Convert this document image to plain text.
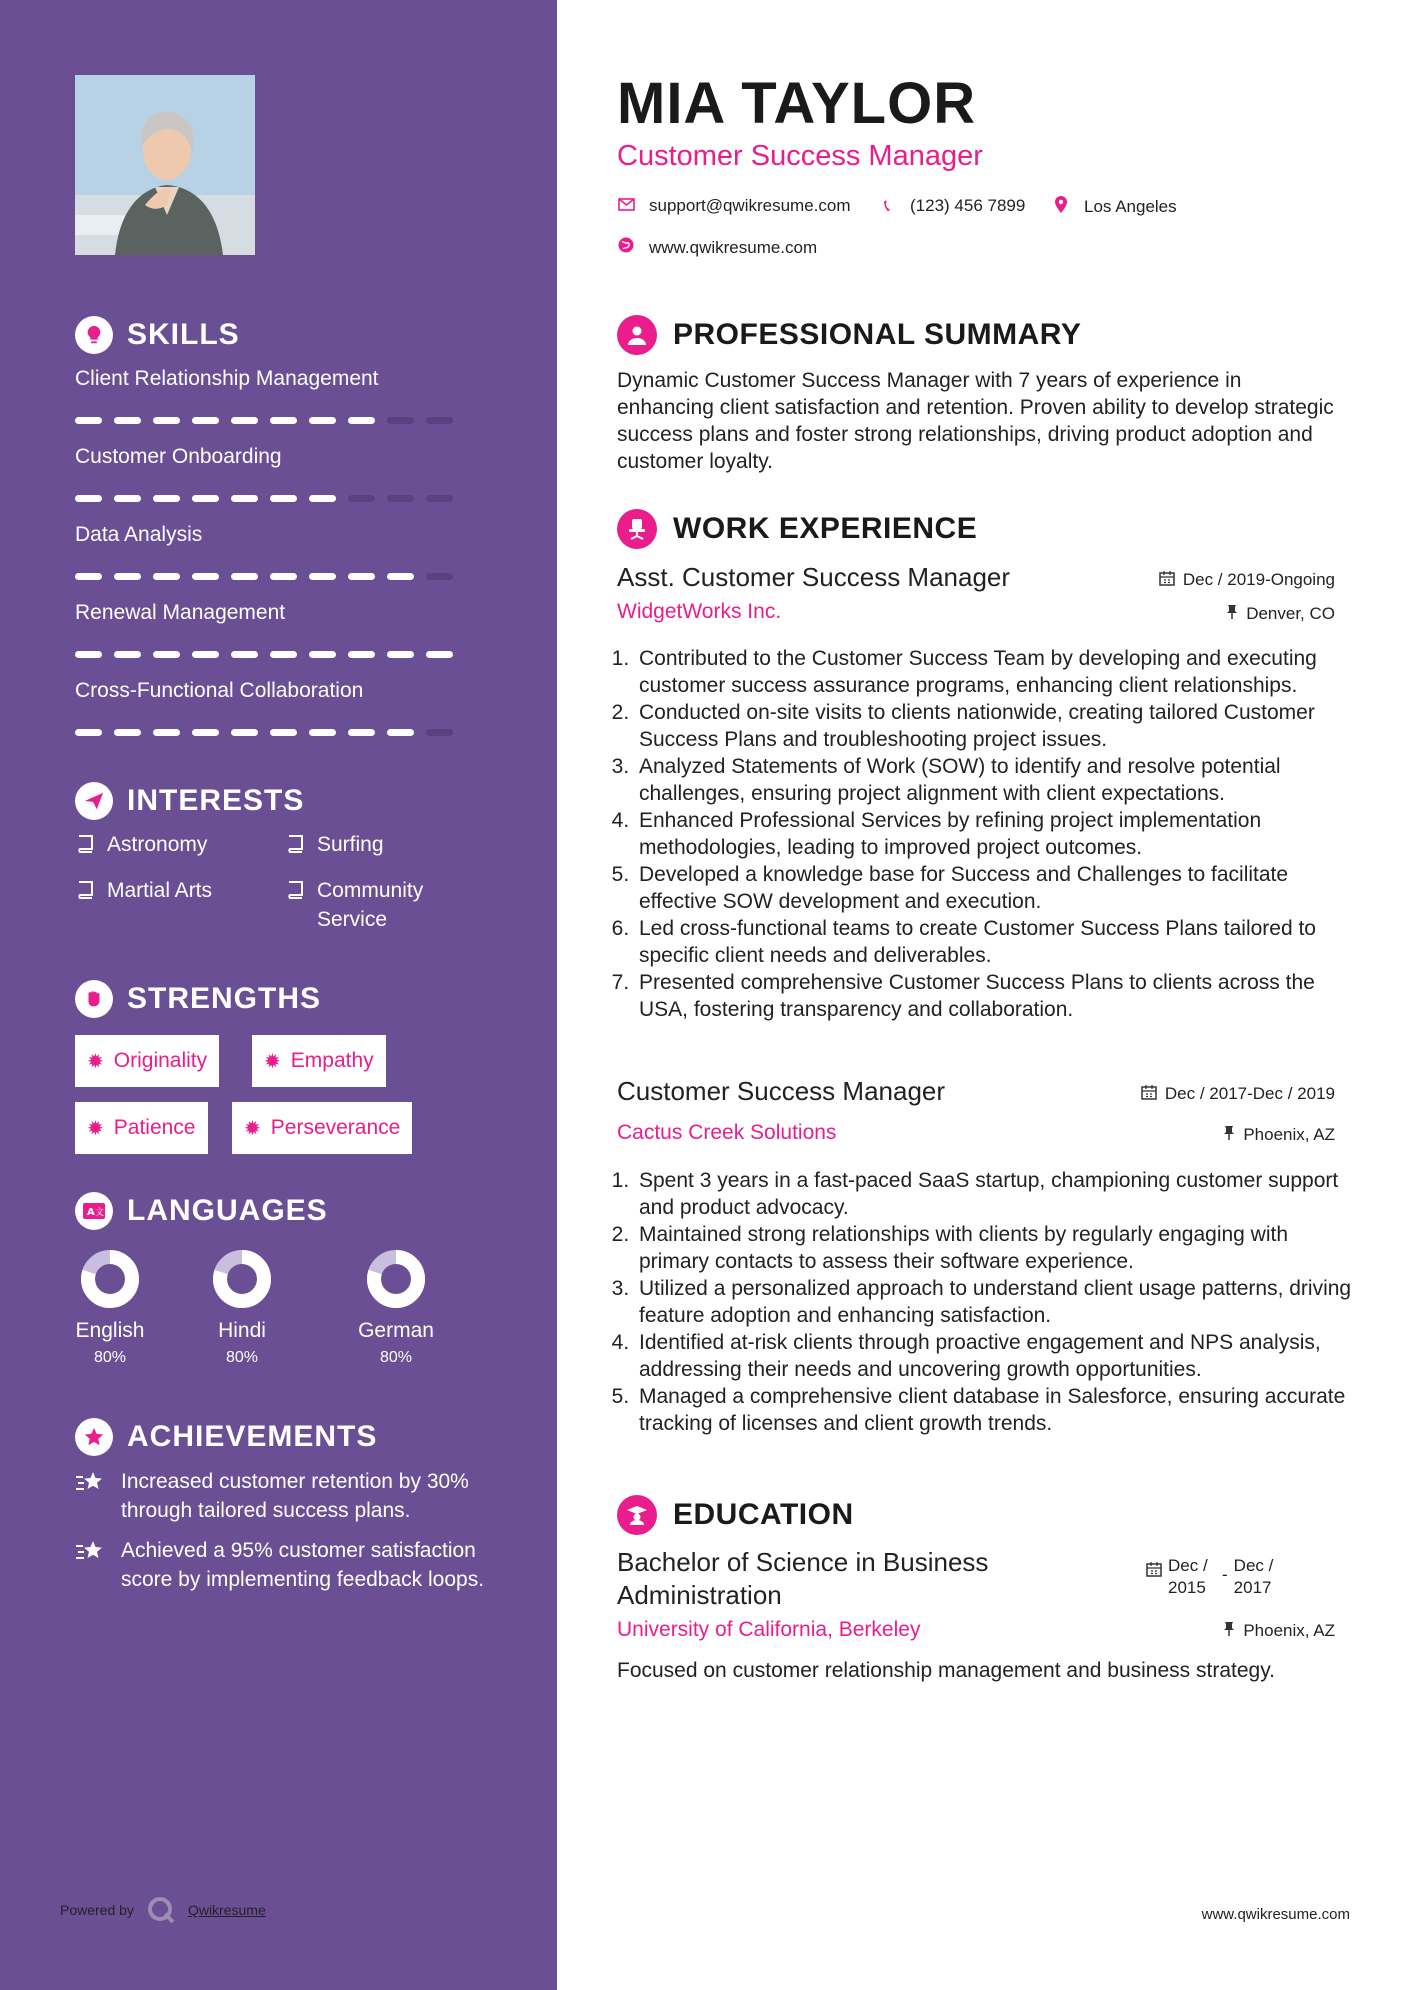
SKILLS
Client Relationship Management
Customer Onboarding
Data Analysis
Renewal Management
Cross-Functional Collaboration
INTERESTS
Astronomy	Surfing
Martial Arts	Community Service
STRENGTHS
✹ Originality	✹ Empathy
✹ Patience ✹ Perseverance
A 文 LANGUAGES
English
80%
Hindi
80%
German
80%
ACHIEVEMENTS
Increased customer retention by 30% through tailored success plans.
Achieved a 95% customer satisfaction score by implementing feedback loops.
Powered by	Qwikresume
MIA TAYLOR
Customer Success Manager
support@qwikresume.com	📞︎	(123) 456 7899	Los Angeles
www.qwikresume.com
PROFESSIONAL SUMMARY
Dynamic Customer Success Manager with 7 years of experience in enhancing client satisfaction and retention. Proven ability to develop strategic success plans and foster strong relationships, driving product adoption and customer loyalty.
WORK EXPERIENCE
Asst. Customer Success Manager	Dec / 2019-Ongoing
WidgetWorks Inc.	Denver, CO
1. Contributed to the Customer Success Team by developing and executing customer success assurance programs, enhancing client relationships.
2. Conducted on-site visits to clients nationwide, creating tailored Customer Success Plans and troubleshooting project issues.
3. Analyzed Statements of Work (SOW) to identify and resolve potential challenges, ensuring project alignment with client expectations.
4. Enhanced Professional Services by refining project implementation methodologies, leading to improved project outcomes.
5. Developed a knowledge base for Success and Challenges to facilitate effective SOW development and execution.
6. Led cross-functional teams to create Customer Success Plans tailored to specific client needs and deliverables.
7. Presented comprehensive Customer Success Plans to clients across the USA, fostering transparency and collaboration.
Customer Success Manager	Dec / 2017-Dec / 2019
Cactus Creek Solutions	Phoenix, AZ
1. Spent 3 years in a fast-paced SaaS startup, championing customer support and product advocacy.
2. Maintained strong relationships with clients by regularly engaging with primary contacts to assess their software experience.
3. Utilized a personalized approach to understand client usage patterns, driving feature adoption and enhancing satisfaction.
4. Identified at-risk clients through proactive engagement and NPS analysis, addressing their needs and uncovering growth opportunities.
5. Managed a comprehensive client database in Salesforce, ensuring accurate tracking of licenses and client growth trends.
EDUCATION
Bachelor of Science in Business Administration
Dec / 2015
- Dec / 2017
University of California, Berkeley	Phoenix, AZ
Focused on customer relationship management and business strategy.
www.qwikresume.com
